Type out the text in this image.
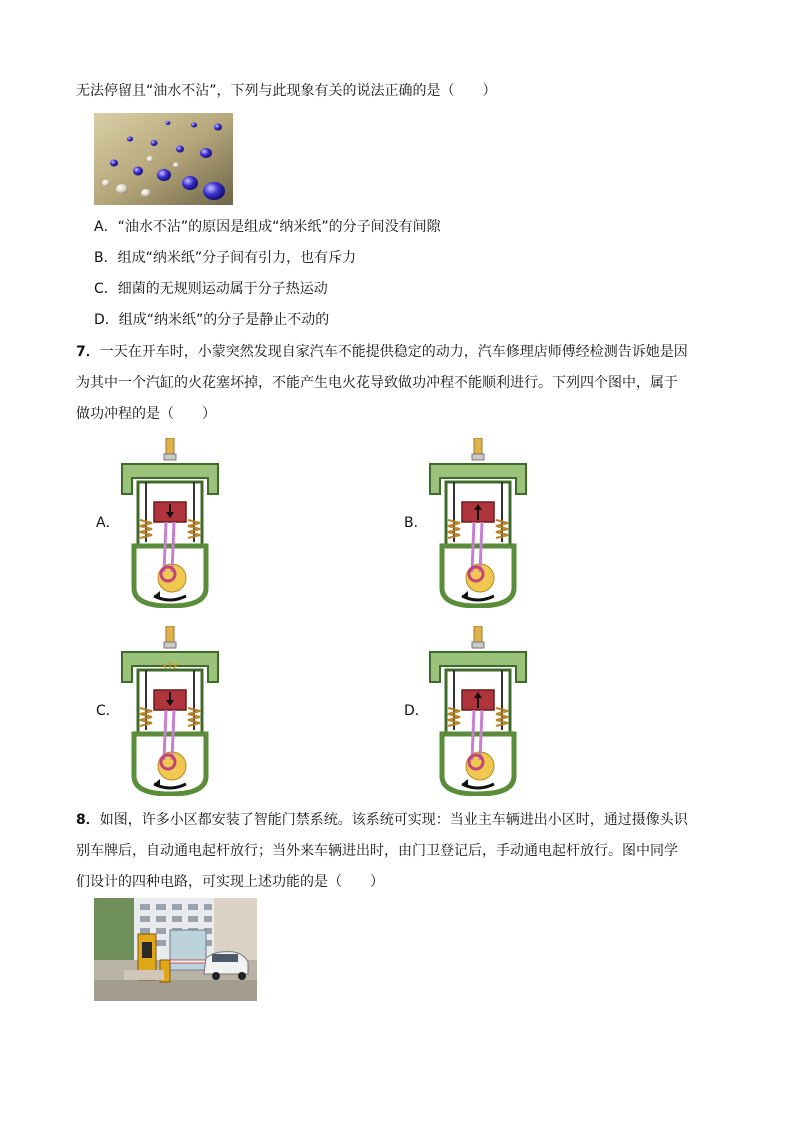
无法停留且“油水不沾”，下列与此现象有关的说法正确的是（　　）
A．“油水不沾”的原因是组成“纳米纸”的分子间没有间隙
B．组成“纳米纸”分子间有引力，也有斥力
C．细菌的无规则运动属于分子热运动
D．组成“纳米纸”的分子是静止不动的
7．一天在开车时，小蒙突然发现自家汽车不能提供稳定的动力，汽车修理店师傅经检测告诉她是因
为其中一个汽缸的火花塞坏掉，不能产生电火花导致做功冲程不能顺利进行。下列四个图中，属于
做功冲程的是（　　）
A．	B．
C．	D．
8．如图，许多小区都安装了智能门禁系统。该系统可实现：当业主车辆进出小区时，通过摄像头识
别车牌后，自动通电起杆放行；当外来车辆进出时，由门卫登记后，手动通电起杆放行。图中同学
们设计的四种电路，可实现上述功能的是（　　）
